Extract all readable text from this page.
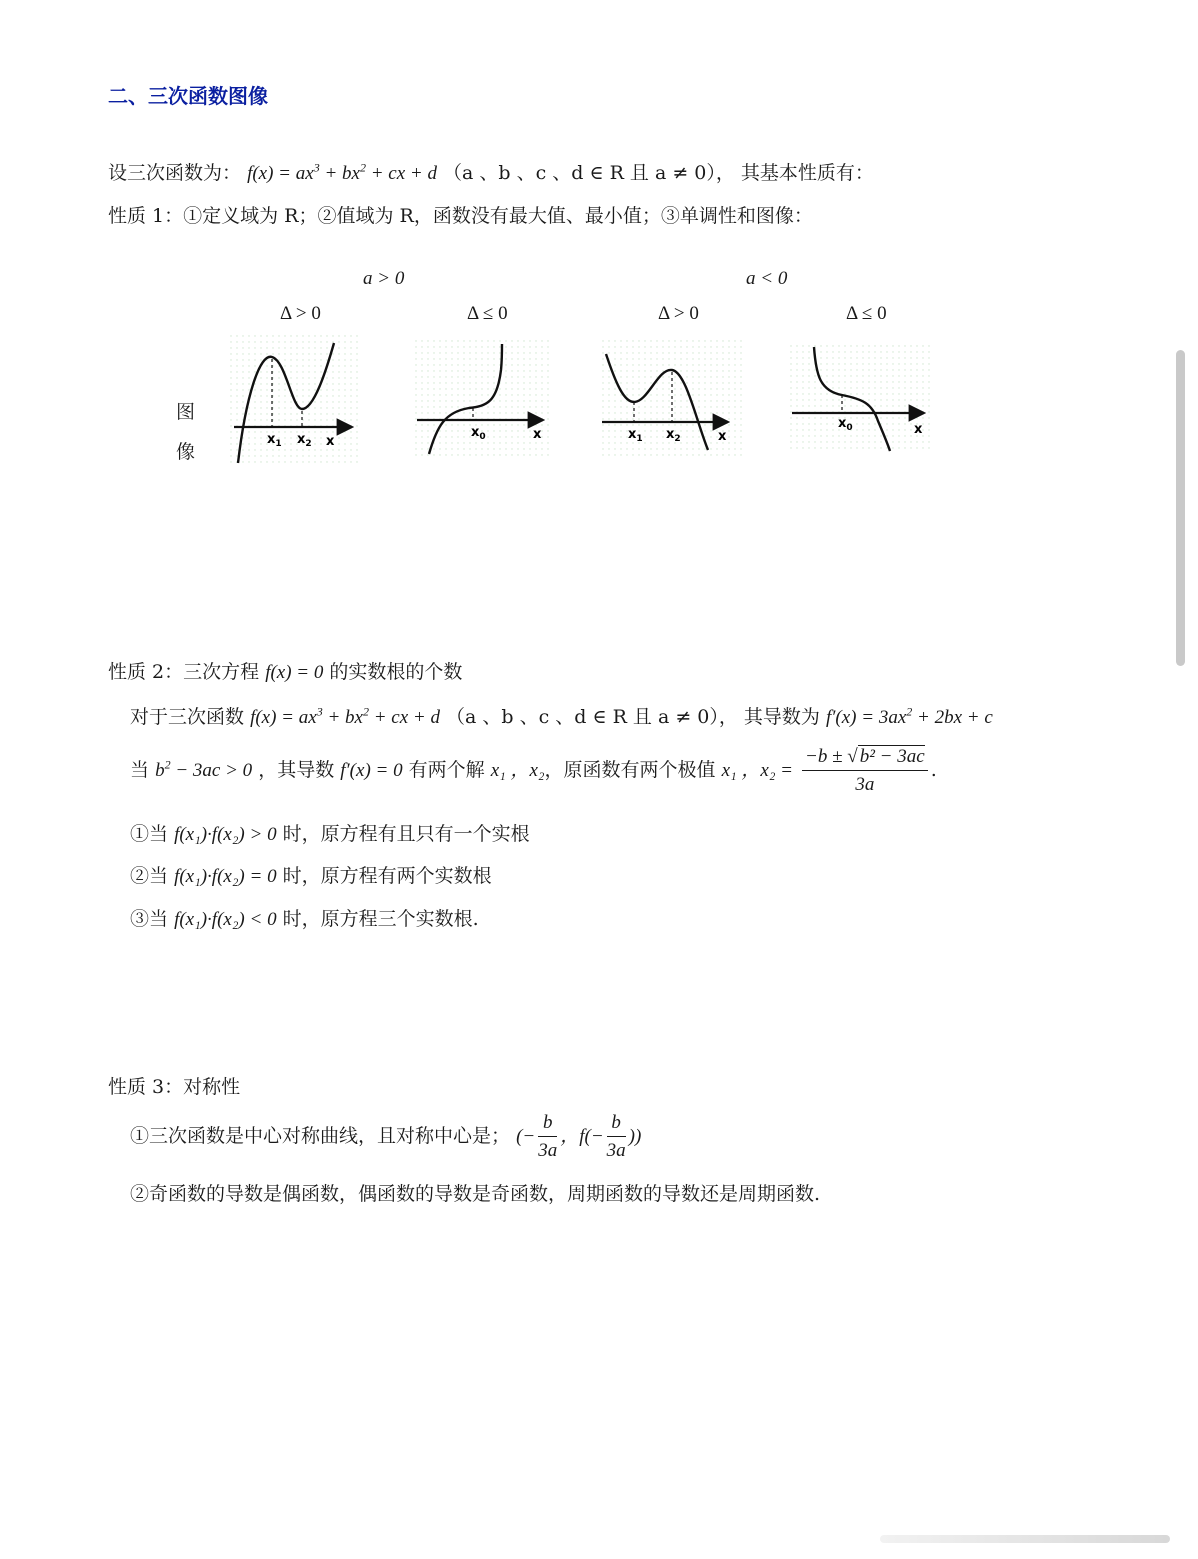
二、三次函数图像
设三次函数为： $f(x) = ax^3 + bx^2$ + cx + d （a 、b 、c 、d ∈ R 且 a ≠ 0）， 其基本性质有：
性质 1：①定义域为 R；②值域为 R，函数没有最大值、最小值；③单调性和图像：
a > 0	a < 0
Δ > 0	Δ ≤ 0	Δ > 0	Δ ≤ 0
图
像
$x_1$ $x_2$ x
$x_0$	x	$x_1$ $x_2$	x
$x_0$	x
性质 2：三次方程 f(x) = 0 的实数根的个数
对于三次函数 $f(x) = ax^3 + bx^2$ + cx + d （a 、b 、c 、d ∈ R 且 a ≠ 0）， 其导数为 $f'(x) = 3ax^2 + 2bx + c$
当 $b^2 - 3ac > 0$ ，其导数 f′(x) = 0 有两个解 x₁ ，x₂，原函数有两个极值 x₁ ，$x_2 = \frac{\text{−b ± √ b² − 3ac}}{3a}$ .
①当 f(x₁)·f(x₂) > 0 时，原方程有且只有一个实根
②当 f(x₁)·f(x₂) = 0 时，原方程有两个实数根
③当 f(x₁)·f(x₂) < 0 时，原方程三个实数根.
性质 3：对称性
①三次函数是中心对称曲线，且对称中心是； (− $\frac{b}{3a}$ ，$f(- \frac{b}{3a}$ ))
②奇函数的导数是偶函数，偶函数的导数是奇函数，周期函数的导数还是周期函数.
